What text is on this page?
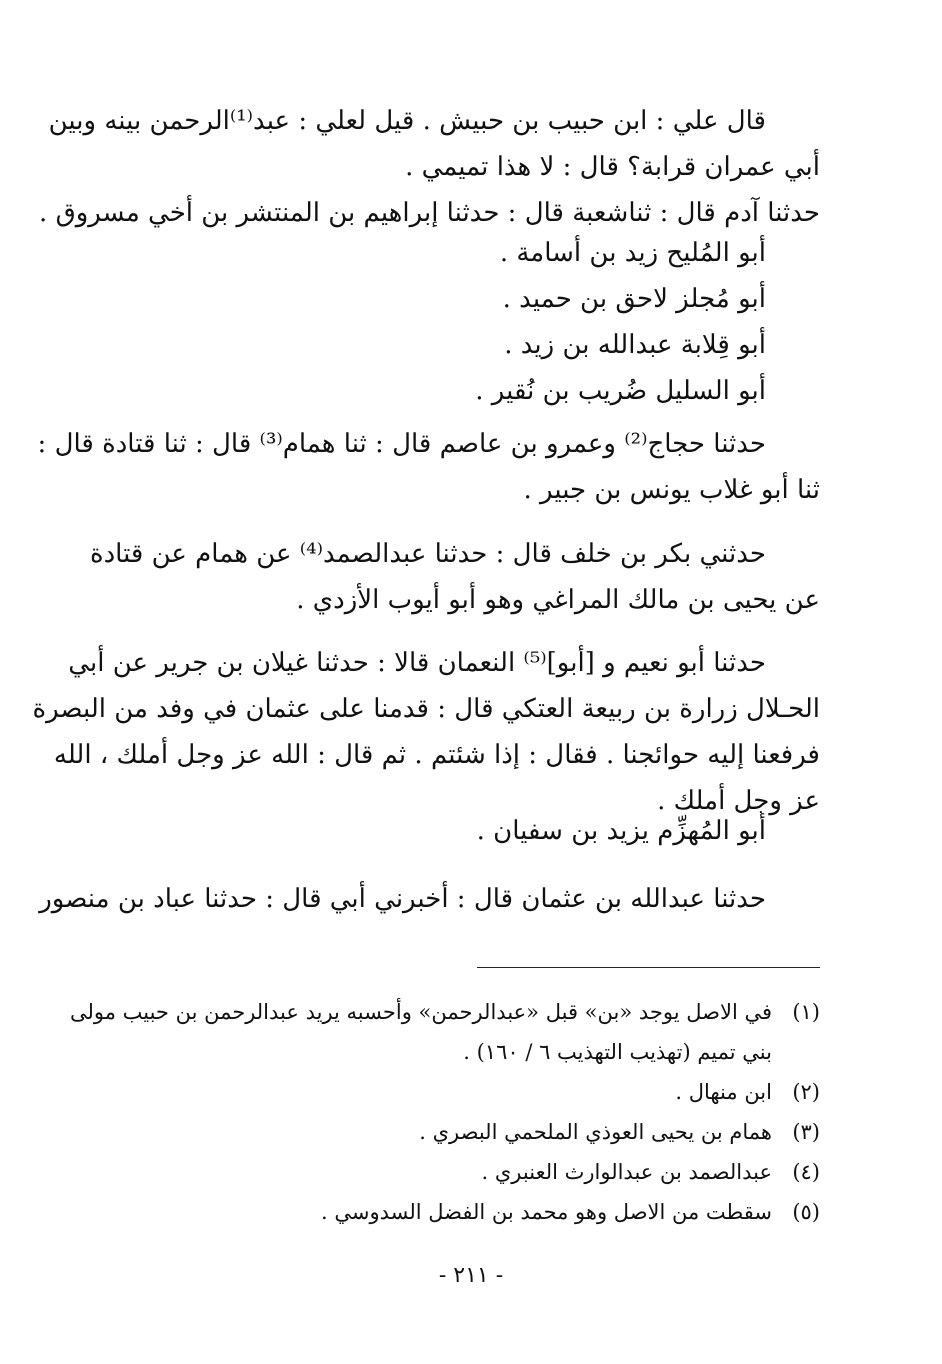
قال علي : ابن حبيب بن حبيش . قيل لعلي : عبد⁽¹⁾الرحمن بينه وبين
أبي عمران قرابة؟ قال : لا هذا تميمي .
حدثنا آدم قال : ثناشعبة قال : حدثنا إبراهيم بن المنتشر بن أخي مسروق .
أبو المُليح زيد بن أسامة .
أبو مُجلز لاحق بن حميد .
أبو قِلابة عبدالله بن زيد .
أبو السليل ضُريب بن نُقير .
حدثنا حجاج⁽²⁾ وعمرو بن عاصم قال : ثنا همام⁽³⁾ قال : ثنا قتادة قال :
ثنا أبو غلاب يونس بن جبير .
حدثني بكر بن خلف قال : حدثنا عبدالصمد⁽⁴⁾ عن همام عن قتادة
عن يحيى بن مالك المراغي وهو أبو أيوب الأزدي .
حدثنا أبو نعيم و [أبو]⁽⁵⁾ النعمان قالا : حدثنا غيلان بن جرير عن أبي
الحـلال زرارة بن ربيعة العتكي قال : قدمنا على عثمان في وفد من البصرة
فرفعنا إليه حوائجنا . فقال : إذا شئتم . ثم قال : الله عز وجل أملك ، الله
عز وجل أملك .
أبو المُهزِّم يزيد بن سفيان .
حدثنا عبدالله بن عثمان قال : أخبرني أبي قال : حدثنا عباد بن منصور
(١)في الاصل يوجد «بن» قبل «عبدالرحمن» وأحسبه يريد عبدالرحمن بن حبيب مولى
بني تميم (تهذيب التهذيب ٦ / ١٦٠) .
(٢)ابن منهال .
(٣)همام بن يحيى العوذي الملحمي البصري .
(٤)عبدالصمد بن عبدالوارث العنبري .
(٥)سقطت من الاصل وهو محمد بن الفضل السدوسي .
- ٢١١ -
